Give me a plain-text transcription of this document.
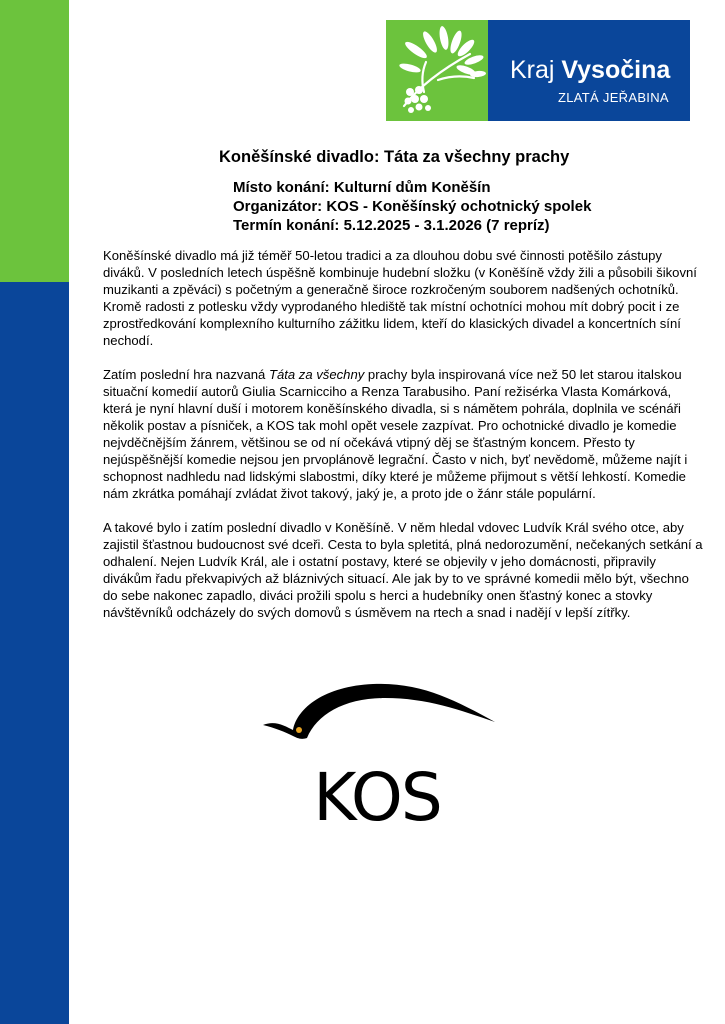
Kraj Vysočina
ZLATÁ JEŘABINA
Koněšínské divadlo: Táta za všechny prachy
Místo konání: Kulturní dům Koněšín
Organizátor: KOS - Koněšínský ochotnický spolek
Termín konání: 5.12.2025 - 3.1.2026 (7 repríz)

Koněšínské divadlo má již téměř 50-letou tradici a za dlouhou dobu své činnosti potěšilo zástupy diváků. V posledních letech úspěšně kombinuje hudební složku (v Koněšíně vždy žili a působili šikovní muzikanti a zpěváci) s početným a generačně široce rozkročeným souborem nadšených ochotníků. Kromě radosti z potlesku vždy vyprodaného hlediště tak místní ochotníci mohou mít dobrý pocit i ze zprostředkování komplexního kulturního zážitku lidem, kteří do klasických divadel a koncertních síní nechodí.

Zatím poslední hra nazvaná Táta za všechny prachy byla inspirovaná více než 50 let starou italskou situační komedií autorů Giulia Scarnicciho a Renza Tarabusiho. Paní režisérka Vlasta Komárková, která je nyní hlavní duší i motorem koněšínského divadla, si s námětem pohrála, doplnila ve scénáři několik postav a písniček, a KOS tak mohl opět vesele zazpívat. Pro ochotnické divadlo je komedie nejvděčnějším žánrem, většinou se od ní očekává vtipný děj se šťastným koncem. Přesto ty nejúspěšnější komedie nejsou jen prvoplánově legrační. Často v nich, byť nevědomě, můžeme najít i schopnost nadhledu nad lidskými slabostmi, díky které je můžeme přijmout s větší lehkostí. Komedie nám zkrátka pomáhají zvládat život takový, jaký je, a proto jde o žánr stále populární.

A takové bylo i zatím poslední divadlo v Koněšíně. V něm hledal vdovec Ludvík Král svého otce, aby zajistil šťastnou budoucnost své dceři. Cesta to byla spletitá, plná nedorozumění, nečekaných setkání a odhalení. Nejen Ludvík Král, ale i ostatní postavy, které se objevily v jeho domácnosti, připravily divákům řadu překvapivých až bláznivých situací. Ale jak by to ve správné komedii mělo být, všechno do sebe nakonec zapadlo, diváci prožili spolu s herci a hudebníky onen šťastný konec a stovky návštěvníků odcházely do svých domovů s úsměvem na rtech a snad i nadějí v lepší zítřky.

KOS
